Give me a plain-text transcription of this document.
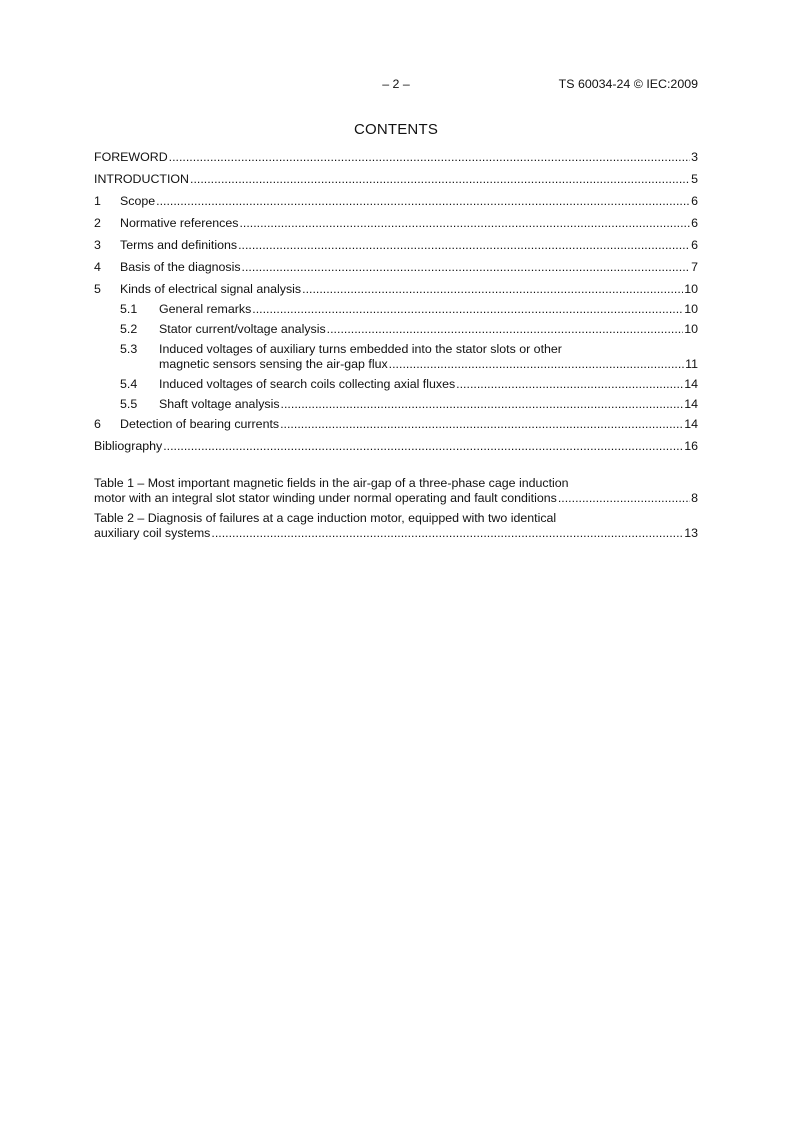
– 2 –	TS 60034-24 © IEC:2009
CONTENTS
FOREWORD .....	3
INTRODUCTION .....	5
1	Scope .....	6
2	Normative references .....	6
3	Terms and definitions .....	6
4	Basis of the diagnosis .....	7
5	Kinds of electrical signal analysis .....	10
5.1	General remarks .....	10
5.2	Stator current/voltage analysis .....	10
5.3	Induced voltages of auxiliary turns embedded into the stator slots or other
magnetic sensors sensing the air-gap flux .....	11
5.4	Induced voltages of search coils collecting axial fluxes .....	14
5.5	Shaft voltage analysis .....	14
6	Detection of bearing currents .....	14
Bibliography .....	16
Table 1 – Most important magnetic fields in the air-gap of a three-phase cage induction
motor with an integral slot stator winding under normal operating and fault conditions .....	8
Table 2 – Diagnosis of failures at a cage induction motor, equipped with two identical
auxiliary coil systems .....	13
